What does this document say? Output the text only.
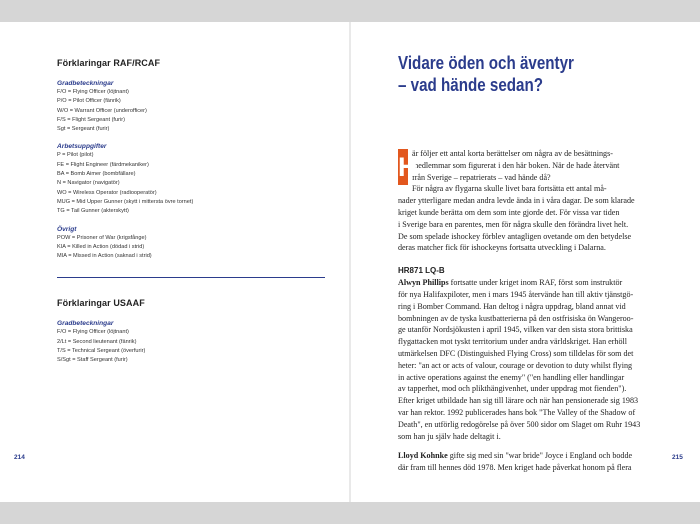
Förklaringar RAF/RCAF
Gradbeteckningar
F/O = Flying Officer (löjtnant)
P/O = Pilot Officer (fänrik)
W/O = Warrant Officer (underofficer)
F/S = Flight Sergeant (furir)
Sgt = Sergeant (furir)
Arbetsuppgifter
P = Pilot (pilot)
FE = Flight Engineer (färdmekaniker)
BA = Bomb Aimer (bombfällare)
N = Navigator (navigatör)
WO = Wireless Operator (radiooperatör)
MUG = Mid Upper Gunner (skytt i mittersta övre tornet)
TG = Tail Gunner (akterskytt)
Övrigt
POW = Prisoner of War (krigsfånge)
KIA = Killed in Action (dödad i strid)
MIA = Missed in Action (saknad i strid)
Förklaringar USAAF
Gradbeteckningar
F/O = Flying Officer (löjtnant)
2/Lt = Second lieutenant (fänrik)
T/S = Technical Sergeant (överfurir)
S/Sgt = Staff Sergeant (furir)
214
Vidare öden och äventyr
– vad hände sedan?
H
är följer ett antal korta berättelser om några av de besättnings-
medlemmar som figurerat i den här boken. När de hade återvänt
från Sverige – repatrierats – vad hände då?
För några av flygarna skulle livet bara fortsätta ett antal må-
nader ytterligare medan andra levde ända in i våra dagar. De som klarade
kriget kunde berätta om dem som inte gjorde det. För vissa var tiden
i Sverige bara en parentes, men för några skulle den förändra livet helt.
De som spelade ishockey förblev antagligen ovetande om den betydelse
deras matcher fick för ishockeyns fortsatta utveckling i Dalarna.
HR871 LQ-B
Alwyn Phillips fortsatte under kriget inom RAF, först som instruktör
för nya Halifaxpiloter, men i mars 1945 återvände han till aktiv tjänstgö-
ring i Bomber Command. Han deltog i några uppdrag, bland annat vid
bombningen av de tyska kustbatterierna på den ostfrisiska ön Wangeroo-
ge utanför Nordsjökusten i april 1945, vilken var den sista stora brittiska
flygattacken mot tyskt territorium under andra världskriget. Han erhöll
utmärkelsen DFC (Distinguished Flying Cross) som tilldelas för som det
heter: "an act or acts of valour, courage or devotion to duty whilst flying
in active operations against the enemy" ("en handling eller handlingar
av tapperhet, mod och plikthängivenhet, under uppdrag mot fienden").
Efter kriget utbildade han sig till lärare och när han pensionerade sig 1983
var han rektor. 1992 publicerades hans bok "The Valley of the Shadow of
Death", en utförlig redogörelse på över 500 sidor om Slaget om Ruhr 1943
som han ju själv hade deltagit i.
Lloyd Kohnke gifte sig med sin "war bride" Joyce i England och bodde
där fram till hennes död 1978. Men kriget hade påverkat honom på flera
215
